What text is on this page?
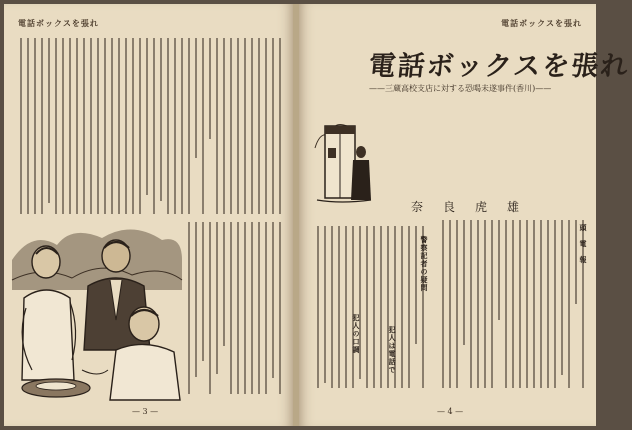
電話ボックスを張れ
— 3 —
電話ボックスを張れ
電話ボックスを張れ
——三蔵高校支店に対する恐喝未遂事件(香川)——
奈良虎雄
頭　電　報
警察記者の疑問
犯人は電話で
犯人の口調
— 4 —
